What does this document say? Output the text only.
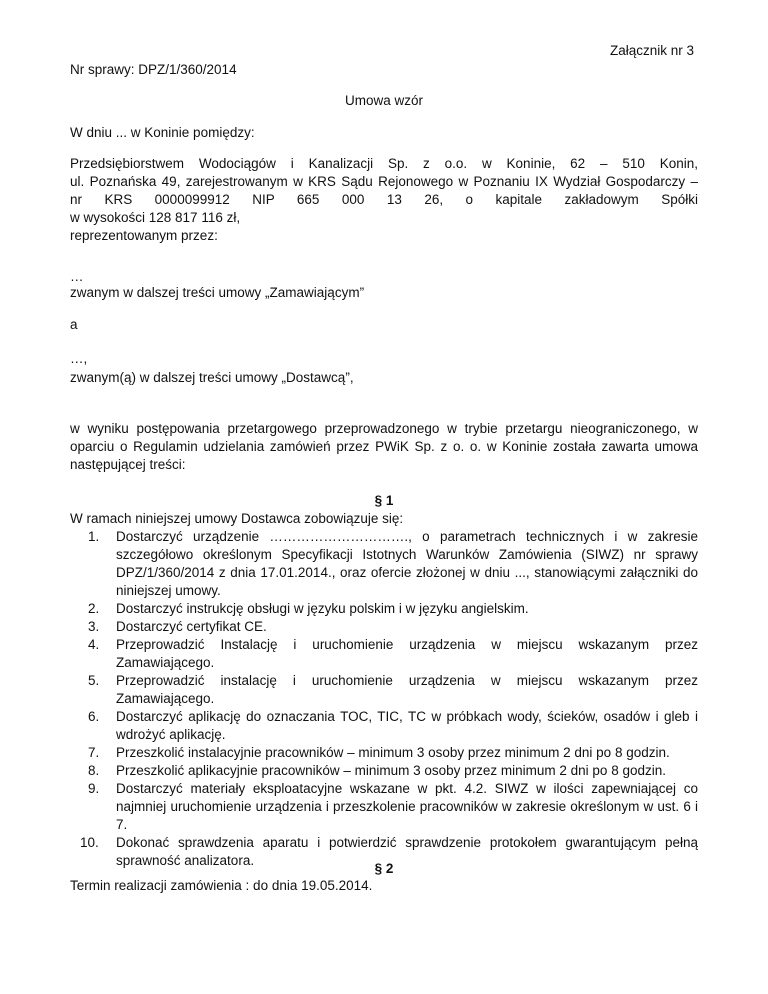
Załącznik nr 3
Nr sprawy: DPZ/1/360/2014
Umowa wzór
W dniu ... w Koninie pomiędzy:

Przedsiębiorstwem Wodociągów i Kanalizacji Sp. z o.o. w Koninie, 62 – 510 Konin,

ul. Poznańska 49, zarejestrowanym w KRS Sądu Rejonowego w Poznaniu IX Wydział Gospodarczy –

nr KRS 0000099912 NIP 665 000 13 26, o kapitale zakładowym Spółki

w wysokości 128 817 116 zł,

reprezentowanym przez:

…
zwanym w dalszej treści umowy „Zamawiającym”
a
…,
zwanym(ą) w dalszej treści umowy „Dostawcą”,

w wyniku postępowania przetargowego przeprowadzonego w trybie przetargu nieograniczonego, w oparciu o Regulamin udzielania zamówień przez PWiK Sp. z o. o. w Koninie została zawarta umowa następującej treści:

§ 1
W ramach niniejszej umowy Dostawca zobowiązuje się:
1. Dostarczyć urządzenie …………………………., o parametrach technicznych i w zakresie szczegółowo określonym Specyfikacji Istotnych Warunków Zamówienia (SIWZ) nr sprawy DPZ/1/360/2014 z dnia 17.01.2014., oraz ofercie złożonej w dniu ..., stanowiącymi załączniki do niniejszej umowy.
2. Dostarczyć instrukcję obsługi w języku polskim i w języku angielskim.
3. Dostarczyć certyfikat CE.
4. Przeprowadzić Instalację i uruchomienie urządzenia w miejscu wskazanym przez Zamawiającego.
5. Przeprowadzić instalację i uruchomienie urządzenia w miejscu wskazanym przez Zamawiającego.
6. Dostarczyć aplikację do oznaczania TOC, TIC, TC w próbkach wody, ścieków, osadów i gleb i wdrożyć aplikację.
7. Przeszkolić instalacyjnie pracowników – minimum 3 osoby przez minimum 2 dni po 8 godzin.
8. Przeszkolić aplikacyjnie pracowników – minimum 3 osoby przez minimum 2 dni po 8 godzin.
9. Dostarczyć materiały eksploatacyjne wskazane w pkt. 4.2. SIWZ w ilości zapewniającej co najmniej uruchomienie urządzenia i przeszkolenie pracowników w zakresie określonym w ust. 6 i 7.
10. Dokonać sprawdzenia aparatu i potwierdzić sprawdzenie protokołem gwarantującym pełną sprawność analizatora.
§ 2
Termin realizacji zamówienia : do dnia 19.05.2014.
